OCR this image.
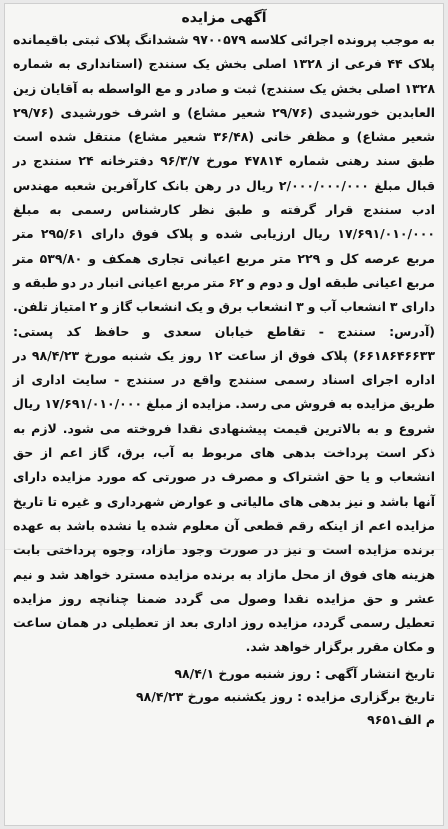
آگهی مزایده

به موجب پرونده اجرائی کلاسه ۹۷۰۰۵۷۹ ششدانگ پلاک ثبتی باقیمانده پلاک ۴۴ فرعی از ۱۳۲۸ اصلی بخش یک سنندج (استانداری به شماره ۱۳۲۸ اصلی بخش یک سنندج) ثبت و صادر و مع الواسطه به آقایان زین العابدین خورشیدی (۲۹/۷۶ شعیر مشاع) و اشرف خورشیدی (۲۹/۷۶ شعیر مشاع) و مظفر خانی (۳۶/۴۸ شعیر مشاع) منتقل شده است طبق سند رهنی شماره ۴۷۸۱۴ مورخ ۹۶/۳/۷ دفترخانه ۲۴ سنندج در قبال مبلغ ۲/۰۰۰/۰۰۰/۰۰۰ ریال در رهن بانک کارآفرین شعبه مهندس ادب سنندج قرار گرفته و طبق نظر کارشناس رسمی به مبلغ ۱۷/۶۹۱/۰۱۰/۰۰۰ ریال ارزیابی شده و پلاک فوق دارای ۲۹۵/۶۱ متر مربع عرصه کل و ۲۲۹ متر مربع اعیانی تجاری همکف و ۵۳۹/۸۰ متر مربع اعیانی طبقه اول و دوم و ۶۲ متر مربع اعیانی انبار در دو طبقه و دارای ۳ انشعاب آب و ۳ انشعاب برق و یک انشعاب گاز و ۲ امتیاز تلفن. (آدرس: سنندج - تقاطع خیابان سعدی و حافظ کد پستی: ۶۶۱۸۶۴۶۶۳۳) پلاک فوق از ساعت ۱۲ روز یک شنبه مورخ ۹۸/۴/۲۳ در اداره اجرای اسناد رسمی سنندج واقع در سنندج - سایت اداری از طریق مزایده به فروش می رسد. مزایده از مبلغ ۱۷/۶۹۱/۰۱۰/۰۰۰ ریال شروع و به بالاترین قیمت پیشنهادی نقدا فروخته می شود. لازم به ذکر است پرداخت بدهی های مربوط به آب، برق، گاز اعم از حق انشعاب و یا حق اشتراک و مصرف در صورتی که مورد مزایده دارای آنها باشد و نیز بدهی های مالیاتی و عوارض شهرداری و غیره تا تاریخ مزایده اعم از اینکه رقم قطعی آن معلوم شده یا نشده باشد به عهده برنده مزایده است و نیز در صورت وجود مازاد، وجوه پرداختی بابت هزینه های فوق از محل مازاد به برنده مزایده مسترد خواهد شد و نیم عشر و حق مزایده نقدا وصول می گردد ضمنا چنانچه روز مزایده تعطیل رسمی گردد، مزایده روز اداری بعد از تعطیلی در همان ساعت و مکان مقرر برگزار خواهد شد.

تاریخ انتشار آگهی : روز شنبه مورخ ۹۸/۴/۱
تاریخ برگزاری مزایده : روز یکشنبه مورخ ۹۸/۴/۲۳
م الف۹۶۵۱
